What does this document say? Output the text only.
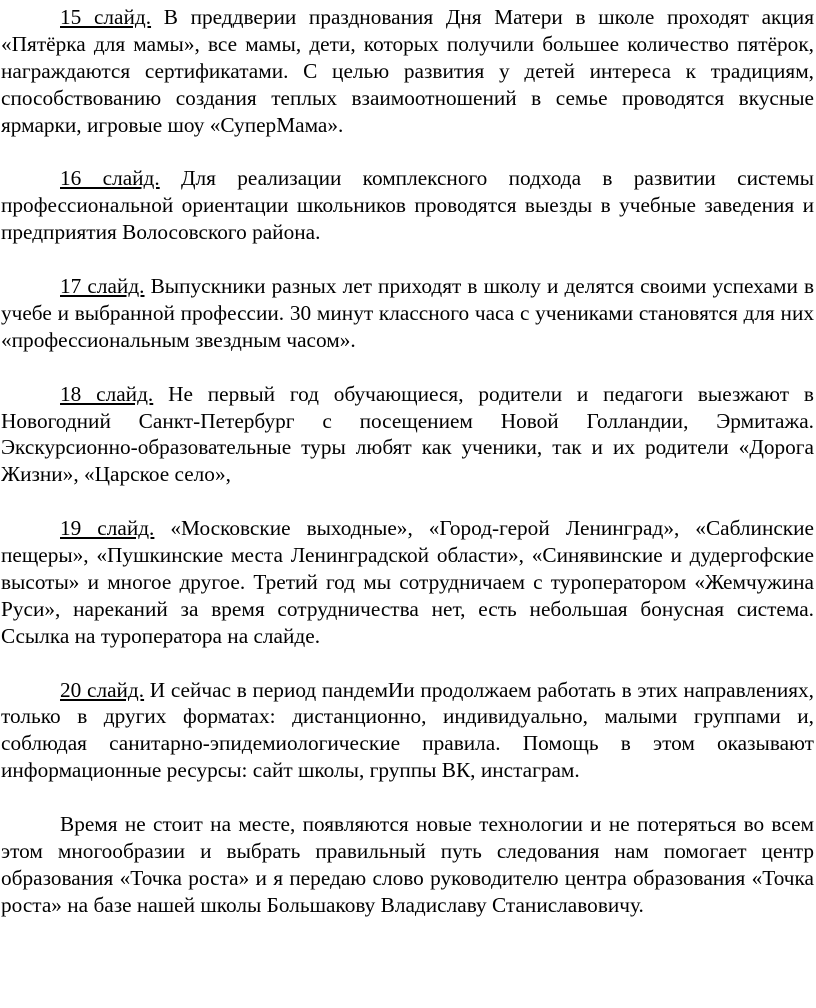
15 слайд. В преддверии празднования Дня Матери в школе проходят акция «Пятёрка для мамы», все мамы, дети, которых получили большее количество пятёрок, награждаются сертификатами. С целью развития у детей интереса к традициям, способствованию создания теплых взаимоотношений в семье проводятся вкусные ярмарки, игровые шоу «СуперМама».

16 слайд. Для реализации комплексного подхода в развитии системы профессиональной ориентации школьников проводятся выезды в учебные заведения и предприятия Волосовского района.

17 слайд. Выпускники разных лет приходят в школу и делятся своими успехами в учебе и выбранной профессии. 30 минут классного часа с учениками становятся для них «профессиональным звездным часом».

18 слайд. Не первый год обучающиеся, родители и педагоги выезжают в Новогодний Санкт-Петербург с посещением Новой Голландии, Эрмитажа. Экскурсионно-образовательные туры любят как ученики, так и их родители «Дорога Жизни», «Царское село»,

19 слайд. «Московские выходные», «Город-герой Ленинград», «Саблинские пещеры», «Пушкинские места Ленинградской области», «Синявинские и дудергофские высоты» и многое другое. Третий год мы сотрудничаем с туроператором «Жемчужина Руси», нареканий за время сотрудничества нет, есть небольшая бонусная система. Ссылка на туроператора на слайде.

20 слайд. И сейчас в период пандемИи продолжаем работать в этих направлениях, только в других форматах: дистанционно, индивидуально, малыми группами и, соблюдая санитарно-эпидемиологические правила. Помощь в этом оказывают информационные ресурсы: сайт школы, группы ВК, инстаграм.

Время не стоит на месте, появляются новые технологии и не потеряться во всем этом многообразии и выбрать правильный путь следования нам помогает центр образования «Точка роста» и я передаю слово руководителю центра образования «Точка роста» на базе нашей школы Большакову Владиславу Станиславовичу.
